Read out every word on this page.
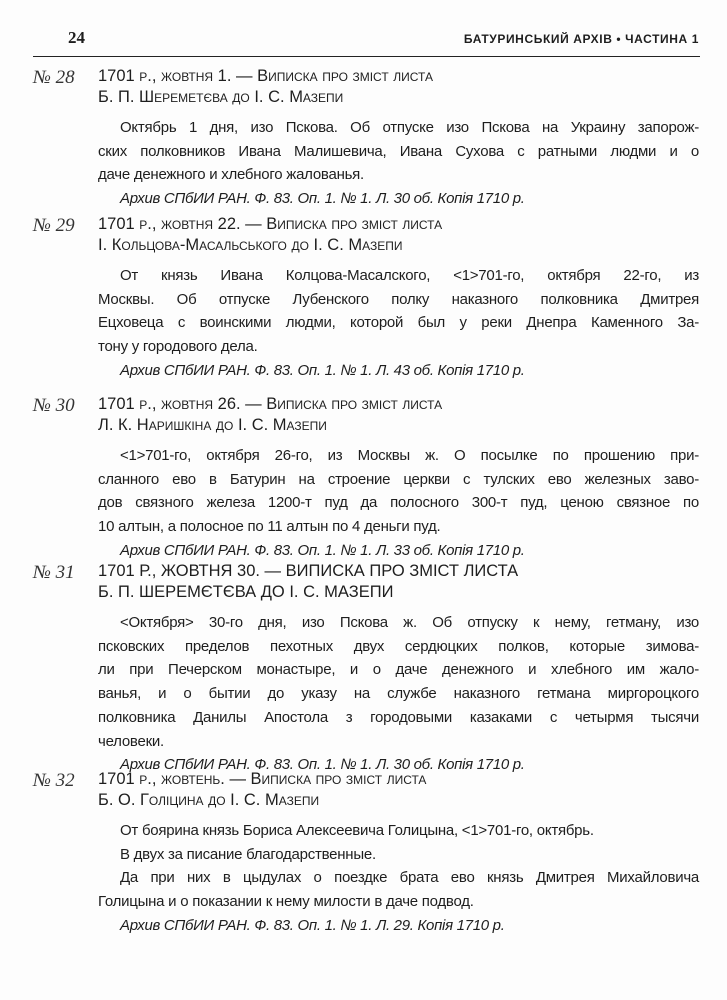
24	БАТУРИНСЬКИЙ АРХІВ • ЧАСТИНА 1
№ 28 1701 р., жовтня 1. — Виписка про зміст листа
Б. П. Шереметєва до І. С. Мазепи
Октябрь 1 дня, изо Пскова. Об отпуске изо Пскова на Украину запорож-
ских полковников Ивана Малишевича, Ивана Сухова с ратными людми и о
даче денежного и хлебного жалованья.
Архив СПбИИ РАН. Ф. 83. Оп. 1. № 1. Л. 30 об. Копія 1710 р.
№ 29 1701 р., жовтня 22. — Виписка про зміст листа
І. Кольцова-Масальського до І. С. Мазепи
От князь Ивана Колцова-Масалского, <1>701-го, октября 22-го, из
Москвы. Об отпуске Лубенского полку наказного полковника Дмитрея
Ецховеца с воинскими людми, которой был у реки Днепра Каменного За-
тону у городового дела.
Архив СПбИИ РАН. Ф. 83. Оп. 1. № 1. Л. 43 об. Копія 1710 р.
№ 30 1701 р., жовтня 26. — Виписка про зміст листа
Л. К. Наришкіна до І. С. Мазепи
<1>701-го, октября 26-го, из Москвы ж. О посылке по прошению при-
сланного ево в Батурин на строение церкви с тулских ево железных заво-
дов связного железа 1200-т пуд да полосного 300-т пуд, ценою связное по
10 алтын, а полосное по 11 алтын по 4 деньги пуд.
Архив СПбИИ РАН. Ф. 83. Оп. 1. № 1. Л. 33 об. Копія 1710 р.
№ 31 1701 Р., ЖОВТНЯ 30. — ВИПИСКА ПРО ЗМІСТ ЛИСТА
Б. П. ШЕРЕМЄТЄВА ДО І. С. МАЗЕПИ
<Октября> 30-го дня, изо Пскова ж. Об отпуску к нему, гетману, изо
псковских пределов пехотных двух сердюцких полков, которые зимова-
ли при Печерском монастыре, и о даче денежного и хлебного им жало-
ванья, и о бытии до указу на службе наказного гетмана миргороцкого
полковника Данилы Апостола з городовыми казаками с четырмя тысячи
человеки.
Архив СПбИИ РАН. Ф. 83. Оп. 1. № 1. Л. 30 об. Копія 1710 р.
№ 32 1701 р., жовтень. — Виписка про зміст листа
Б. О. Голіцина до І. С. Мазепи
От боярина князь Бориса Алексеевича Голицына, <1>701-го, октябрь.
В двух за писание благодарственные.
Да при них в цыдулах о поездке брата ево князь Дмитрея Михайловича
Голицына и о показании к нему милости в даче подвод.
Архив СПбИИ РАН. Ф. 83. Оп. 1. № 1. Л. 29. Копія 1710 р.
